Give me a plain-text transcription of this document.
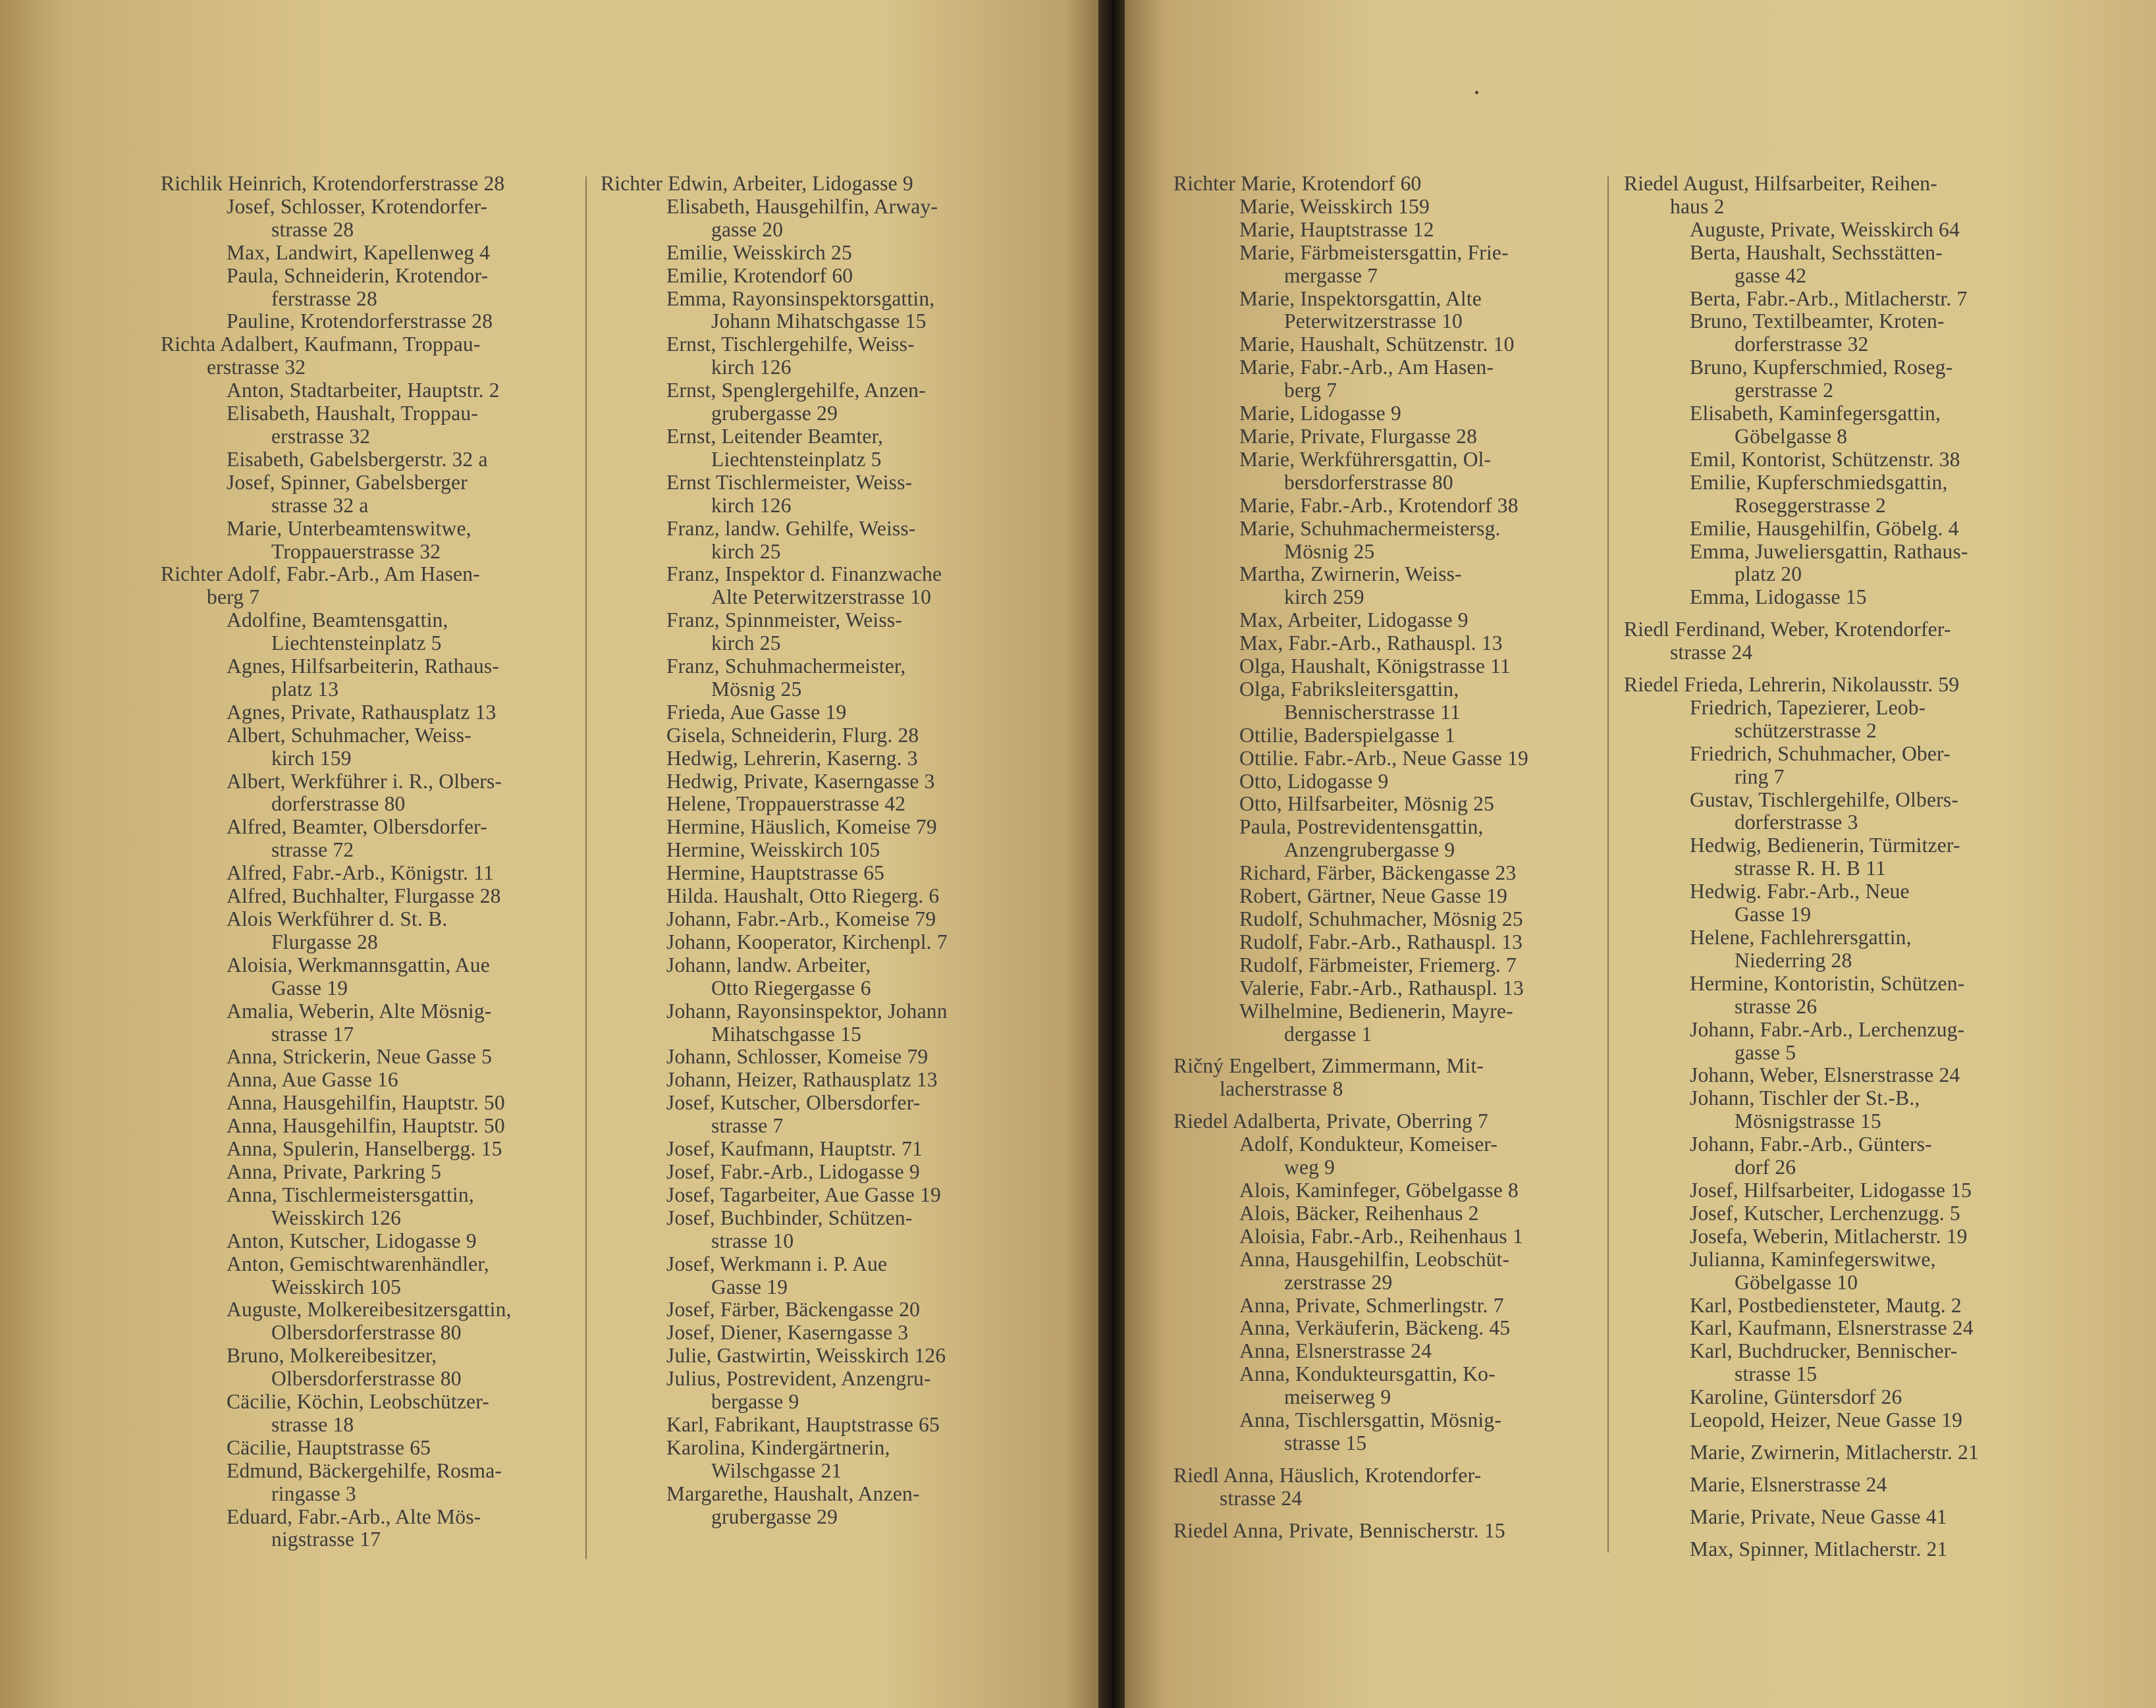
Richlik Heinrich, Krotendorferstrasse 28
Josef, Schlosser, Krotendorfer-
strasse 28
Max, Landwirt, Kapellenweg 4
Paula, Schneiderin, Krotendor-
ferstrasse 28
Pauline, Krotendorferstrasse 28
Richta Adalbert, Kaufmann, Troppau-
erstrasse 32
Anton, Stadtarbeiter, Hauptstr. 2
Elisabeth, Haushalt, Troppau-
erstrasse 32
Eisabeth, Gabelsbergerstr. 32 a
Josef, Spinner, Gabelsberger
strasse 32 a
Marie, Unterbeamtenswitwe,
Troppauerstrasse 32
Richter Adolf, Fabr.-Arb., Am Hasen-
berg 7
Adolfine, Beamtensgattin,
Liechtensteinplatz 5
Agnes, Hilfsarbeiterin, Rathaus-
platz 13
Agnes, Private, Rathausplatz 13
Albert, Schuhmacher, Weiss-
kirch 159
Albert, Werkführer i. R., Olbers-
dorferstrasse 80
Alfred, Beamter, Olbersdorfer-
strasse 72
Alfred, Fabr.-Arb., Königstr. 11
Alfred, Buchhalter, Flurgasse 28
Alois Werkführer d. St. B.
Flurgasse 28
Aloisia, Werkmannsgattin, Aue
Gasse 19
Amalia, Weberin, Alte Mösnig-
strasse 17
Anna, Strickerin, Neue Gasse 5
Anna, Aue Gasse 16
Anna, Hausgehilfin, Hauptstr. 50
Anna, Hausgehilfin, Hauptstr. 50
Anna, Spulerin, Hanselbergg. 15
Anna, Private, Parkring 5
Anna, Tischlermeistersgattin,
Weisskirch 126
Anton, Kutscher, Lidogasse 9
Anton, Gemischtwarenhändler,
Weisskirch 105
Auguste, Molkereibesitzersgattin,
Olbersdorferstrasse 80
Bruno, Molkereibesitzer,
Olbersdorferstrasse 80
Cäcilie, Köchin, Leobschützer-
strasse 18
Cäcilie, Hauptstrasse 65
Edmund, Bäckergehilfe, Rosma-
ringasse 3
Eduard, Fabr.-Arb., Alte Mös-
nigstrasse 17
Richter Edwin, Arbeiter, Lidogasse 9
Elisabeth, Hausgehilfin, Arway-
gasse 20
Emilie, Weisskirch 25
Emilie, Krotendorf 60
Emma, Rayonsinspektorsgattin,
Johann Mihatschgasse 15
Ernst, Tischlergehilfe, Weiss-
kirch 126
Ernst, Spenglergehilfe, Anzen-
grubergasse 29
Ernst, Leitender Beamter,
Liechtensteinplatz 5
Ernst Tischlermeister, Weiss-
kirch 126
Franz, landw. Gehilfe, Weiss-
kirch 25
Franz, Inspektor d. Finanzwache
Alte Peterwitzerstrasse 10
Franz, Spinnmeister, Weiss-
kirch 25
Franz, Schuhmachermeister,
Mösnig 25
Frieda, Aue Gasse 19
Gisela, Schneiderin, Flurg. 28
Hedwig, Lehrerin, Kaserng. 3
Hedwig, Private, Kaserngasse 3
Helene, Troppauerstrasse 42
Hermine, Häuslich, Komeise 79
Hermine, Weisskirch 105
Hermine, Hauptstrasse 65
Hilda. Haushalt, Otto Riegerg. 6
Johann, Fabr.-Arb., Komeise 79
Johann, Kooperator, Kirchenpl. 7
Johann, landw. Arbeiter,
Otto Riegergasse 6
Johann, Rayonsinspektor, Johann
Mihatschgasse 15
Johann, Schlosser, Komeise 79
Johann, Heizer, Rathausplatz 13
Josef, Kutscher, Olbersdorfer-
strasse 7
Josef, Kaufmann, Hauptstr. 71
Josef, Fabr.-Arb., Lidogasse 9
Josef, Tagarbeiter, Aue Gasse 19
Josef, Buchbinder, Schützen-
strasse 10
Josef, Werkmann i. P. Aue
Gasse 19
Josef, Färber, Bäckengasse 20
Josef, Diener, Kaserngasse 3
Julie, Gastwirtin, Weisskirch 126
Julius, Postrevident, Anzengru-
bergasse 9
Karl, Fabrikant, Hauptstrasse 65
Karolina, Kindergärtnerin,
Wilschgasse 21
Margarethe, Haushalt, Anzen-
grubergasse 29
Richter Marie, Krotendorf 60
Marie, Weisskirch 159
Marie, Hauptstrasse 12
Marie, Färbmeistersgattin, Frie-
mergasse 7
Marie, Inspektorsgattin, Alte
Peterwitzerstrasse 10
Marie, Haushalt, Schützenstr. 10
Marie, Fabr.-Arb., Am Hasen-
berg 7
Marie, Lidogasse 9
Marie, Private, Flurgasse 28
Marie, Werkführersgattin, Ol-
bersdorferstrasse 80
Marie, Fabr.-Arb., Krotendorf 38
Marie, Schuhmachermeistersg.
Mösnig 25
Martha, Zwirnerin, Weiss-
kirch 259
Max, Arbeiter, Lidogasse 9
Max, Fabr.-Arb., Rathauspl. 13
Olga, Haushalt, Königstrasse 11
Olga, Fabriksleitersgattin,
Bennischerstrasse 11
Ottilie, Baderspielgasse 1
Ottilie. Fabr.-Arb., Neue Gasse 19
Otto, Lidogasse 9
Otto, Hilfsarbeiter, Mösnig 25
Paula, Postrevidentensgattin,
Anzengrubergasse 9
Richard, Färber, Bäckengasse 23
Robert, Gärtner, Neue Gasse 19
Rudolf, Schuhmacher, Mösnig 25
Rudolf, Fabr.-Arb., Rathauspl. 13
Rudolf, Färbmeister, Friemerg. 7
Valerie, Fabr.-Arb., Rathauspl. 13
Wilhelmine, Bedienerin, Mayre-
dergasse 1
Ričný Engelbert, Zimmermann, Mit-
lacherstrasse 8
Riedel Adalberta, Private, Oberring 7
Adolf, Kondukteur, Komeiser-
weg 9
Alois, Kaminfeger, Göbelgasse 8
Alois, Bäcker, Reihenhaus 2
Aloisia, Fabr.-Arb., Reihenhaus 1
Anna, Hausgehilfin, Leobschüt-
zerstrasse 29
Anna, Private, Schmerlingstr. 7
Anna, Verkäuferin, Bäckeng. 45
Anna, Elsnerstrasse 24
Anna, Kondukteursgattin, Ko-
meiserweg 9
Anna, Tischlersgattin, Mösnig-
strasse 15
Riedl Anna, Häuslich, Krotendorfer-
strasse 24
Riedel Anna, Private, Bennischerstr. 15
Riedel August, Hilfsarbeiter, Reihen-
haus 2
Auguste, Private, Weisskirch 64
Berta, Haushalt, Sechsstätten-
gasse 42
Berta, Fabr.-Arb., Mitlacherstr. 7
Bruno, Textilbeamter, Kroten-
dorferstrasse 32
Bruno, Kupferschmied, Roseg-
gerstrasse 2
Elisabeth, Kaminfegersgattin,
Göbelgasse 8
Emil, Kontorist, Schützenstr. 38
Emilie, Kupferschmiedsgattin,
Roseggerstrasse 2
Emilie, Hausgehilfin, Göbelg. 4
Emma, Juweliersgattin, Rathaus-
platz 20
Emma, Lidogasse 15
Riedl Ferdinand, Weber, Krotendorfer-
strasse 24
Riedel Frieda, Lehrerin, Nikolausstr. 59
Friedrich, Tapezierer, Leob-
schützerstrasse 2
Friedrich, Schuhmacher, Ober-
ring 7
Gustav, Tischlergehilfe, Olbers-
dorferstrasse 3
Hedwig, Bedienerin, Türmitzer-
strasse R. H. B 11
Hedwig. Fabr.-Arb., Neue
Gasse 19
Helene, Fachlehrersgattin,
Niederring 28
Hermine, Kontoristin, Schützen-
strasse 26
Johann, Fabr.-Arb., Lerchenzug-
gasse 5
Johann, Weber, Elsnerstrasse 24
Johann, Tischler der St.-B.,
Mösnigstrasse 15
Johann, Fabr.-Arb., Günters-
dorf 26
Josef, Hilfsarbeiter, Lidogasse 15
Josef, Kutscher, Lerchenzugg. 5
Josefa, Weberin, Mitlacherstr. 19
Julianna, Kaminfegerswitwe,
Göbelgasse 10
Karl, Postbediensteter, Mautg. 2
Karl, Kaufmann, Elsnerstrasse 24
Karl, Buchdrucker, Bennischer-
strasse 15
Karoline, Güntersdorf 26
Leopold, Heizer, Neue Gasse 19
Marie, Zwirnerin, Mitlacherstr. 21
Marie, Elsnerstrasse 24
Marie, Private, Neue Gasse 41
Max, Spinner, Mitlacherstr. 21
